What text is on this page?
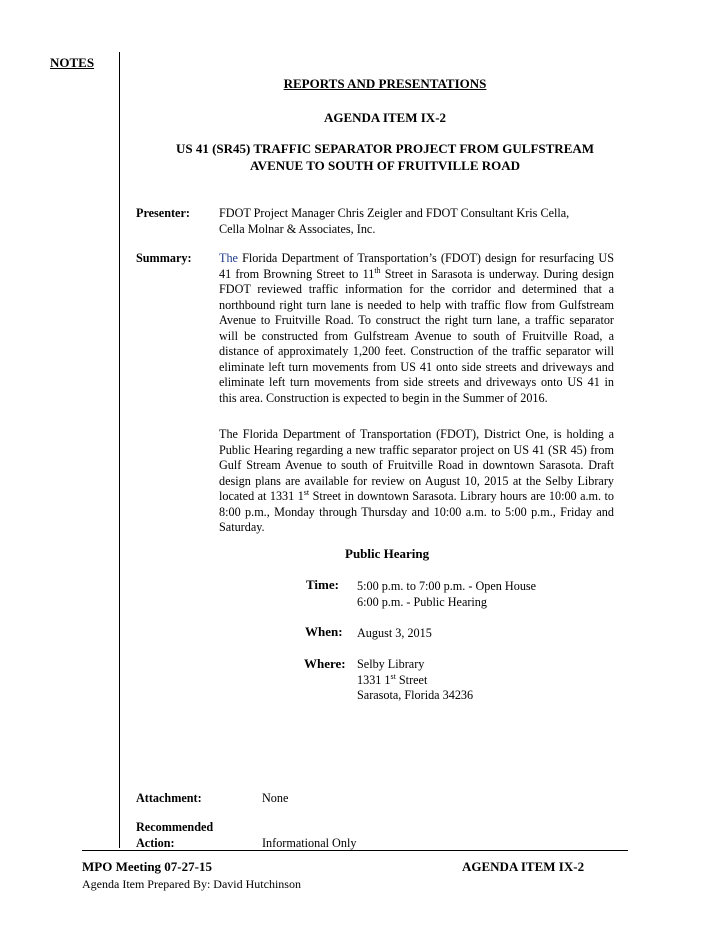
NOTES
REPORTS AND PRESENTATIONS
AGENDA ITEM IX-2
US 41 (SR45) TRAFFIC SEPARATOR PROJECT FROM GULFSTREAM
AVENUE TO SOUTH OF FRUITVILLE ROAD
Presenter: FDOT Project Manager Chris Zeigler and FDOT Consultant Kris Cella,
Cella Molnar & Associates, Inc.
Summary: The Florida Department of Transportation’s (FDOT) design for resurfacing US 41 from Browning Street to 11th Street in Sarasota is underway. During design FDOT reviewed traffic information for the corridor and determined that a northbound right turn lane is needed to help with traffic flow from Gulfstream Avenue to Fruitville Road. To construct the right turn lane, a traffic separator will be constructed from Gulfstream Avenue to south of Fruitville Road, a distance of approximately 1,200 feet. Construction of the traffic separator will eliminate left turn movements from US 41 onto side streets and driveways and eliminate left turn movements from side streets and driveways onto US 41 in this area. Construction is expected to begin in the Summer of 2016.
The Florida Department of Transportation (FDOT), District One, is holding a Public Hearing regarding a new traffic separator project on US 41 (SR 45) from Gulf Stream Avenue to south of Fruitville Road in downtown Sarasota. Draft design plans are available for review on August 10, 2015 at the Selby Library located at 1331 1st Street in downtown Sarasota. Library hours are 10:00 a.m. to 8:00 p.m., Monday through Thursday and 10:00 a.m. to 5:00 p.m., Friday and Saturday.
Public Hearing
Time: 5:00 p.m. to 7:00 p.m. - Open House
6:00 p.m. - Public Hearing
When: August 3, 2015
Where: Selby Library
1331 1st Street
Sarasota, Florida 34236
Attachment:	None
Recommended
Action:	Informational Only
MPO Meeting 07-27-15	AGENDA ITEM IX-2
Agenda Item Prepared By: David Hutchinson
